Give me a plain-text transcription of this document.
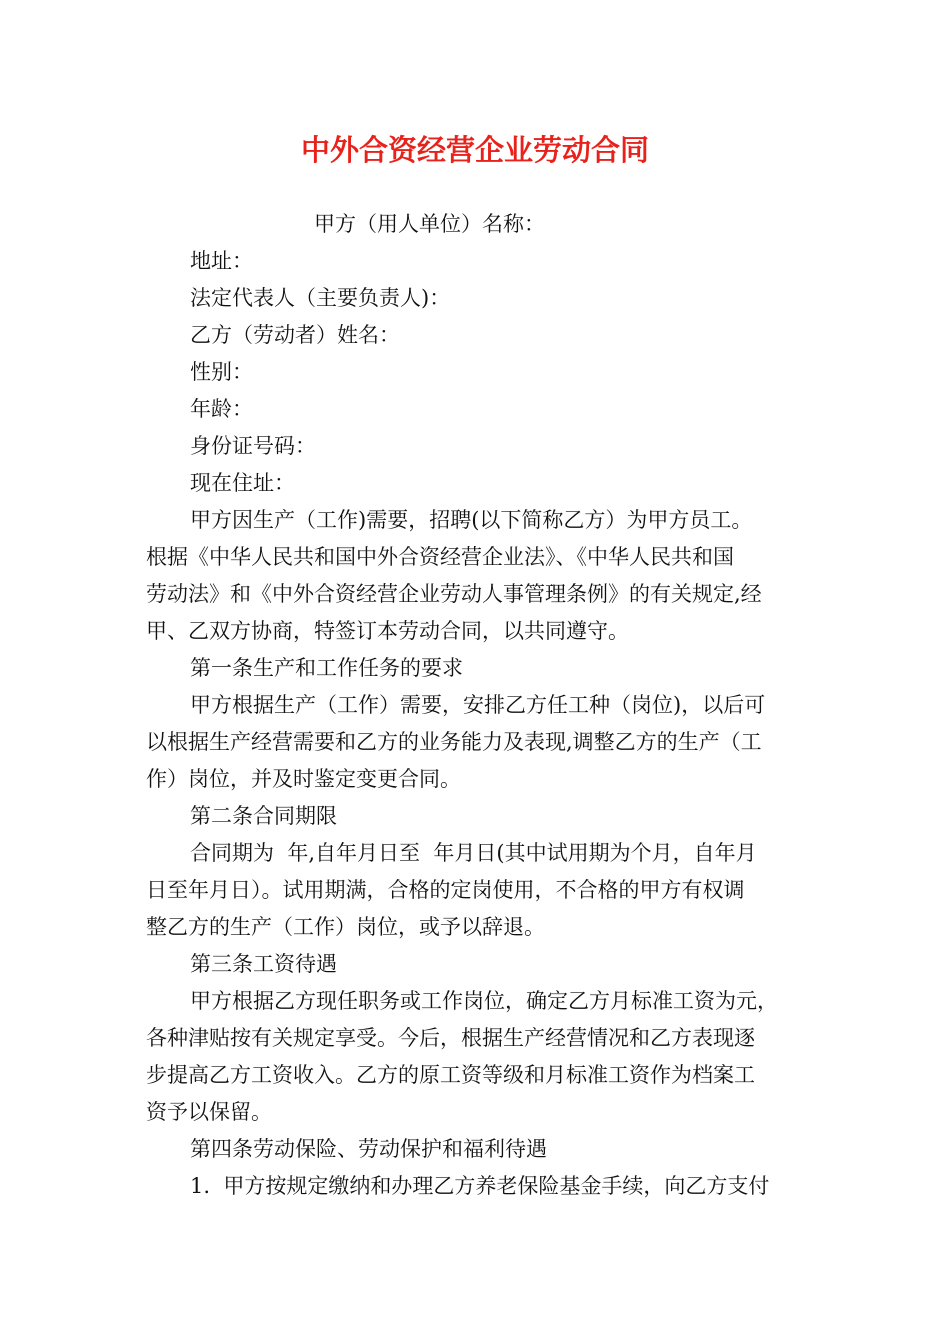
中外合资经营企业劳动合同
甲方（用人单位）名称：
地址：
法定代表人（主要负责人)：
乙方（劳动者）姓名：
性别：
年龄：
身份证号码：
现在住址：
甲方因生产（工作)需要，招聘(以下简称乙方）为甲方员工。
根据《中华人民共和国中外合资经营企业法》、《中华人民共和国
劳动法》和《中外合资经营企业劳动人事管理条例》的有关规定,经
甲、乙双方协商，特签订本劳动合同，以共同遵守。
第一条生产和工作任务的要求
甲方根据生产（工作）需要，安排乙方任工种（岗位)，以后可
以根据生产经营需要和乙方的业务能力及表现,调整乙方的生产（工
作）岗位，并及时鉴定变更合同。
第二条合同期限
合同期为  年,自年月日至  年月日(其中试用期为个月，自年月
日至年月日）。试用期满，合格的定岗使用，不合格的甲方有权调
整乙方的生产（工作）岗位，或予以辞退。
第三条工资待遇
甲方根据乙方现任职务或工作岗位，确定乙方月标准工资为元，
各种津贴按有关规定享受。今后，根据生产经营情况和乙方表现逐
步提高乙方工资收入。乙方的原工资等级和月标准工资作为档案工
资予以保留。
第四条劳动保险、劳动保护和福利待遇
1.  甲方按规定缴纳和办理乙方养老保险基金手续，向乙方支付
